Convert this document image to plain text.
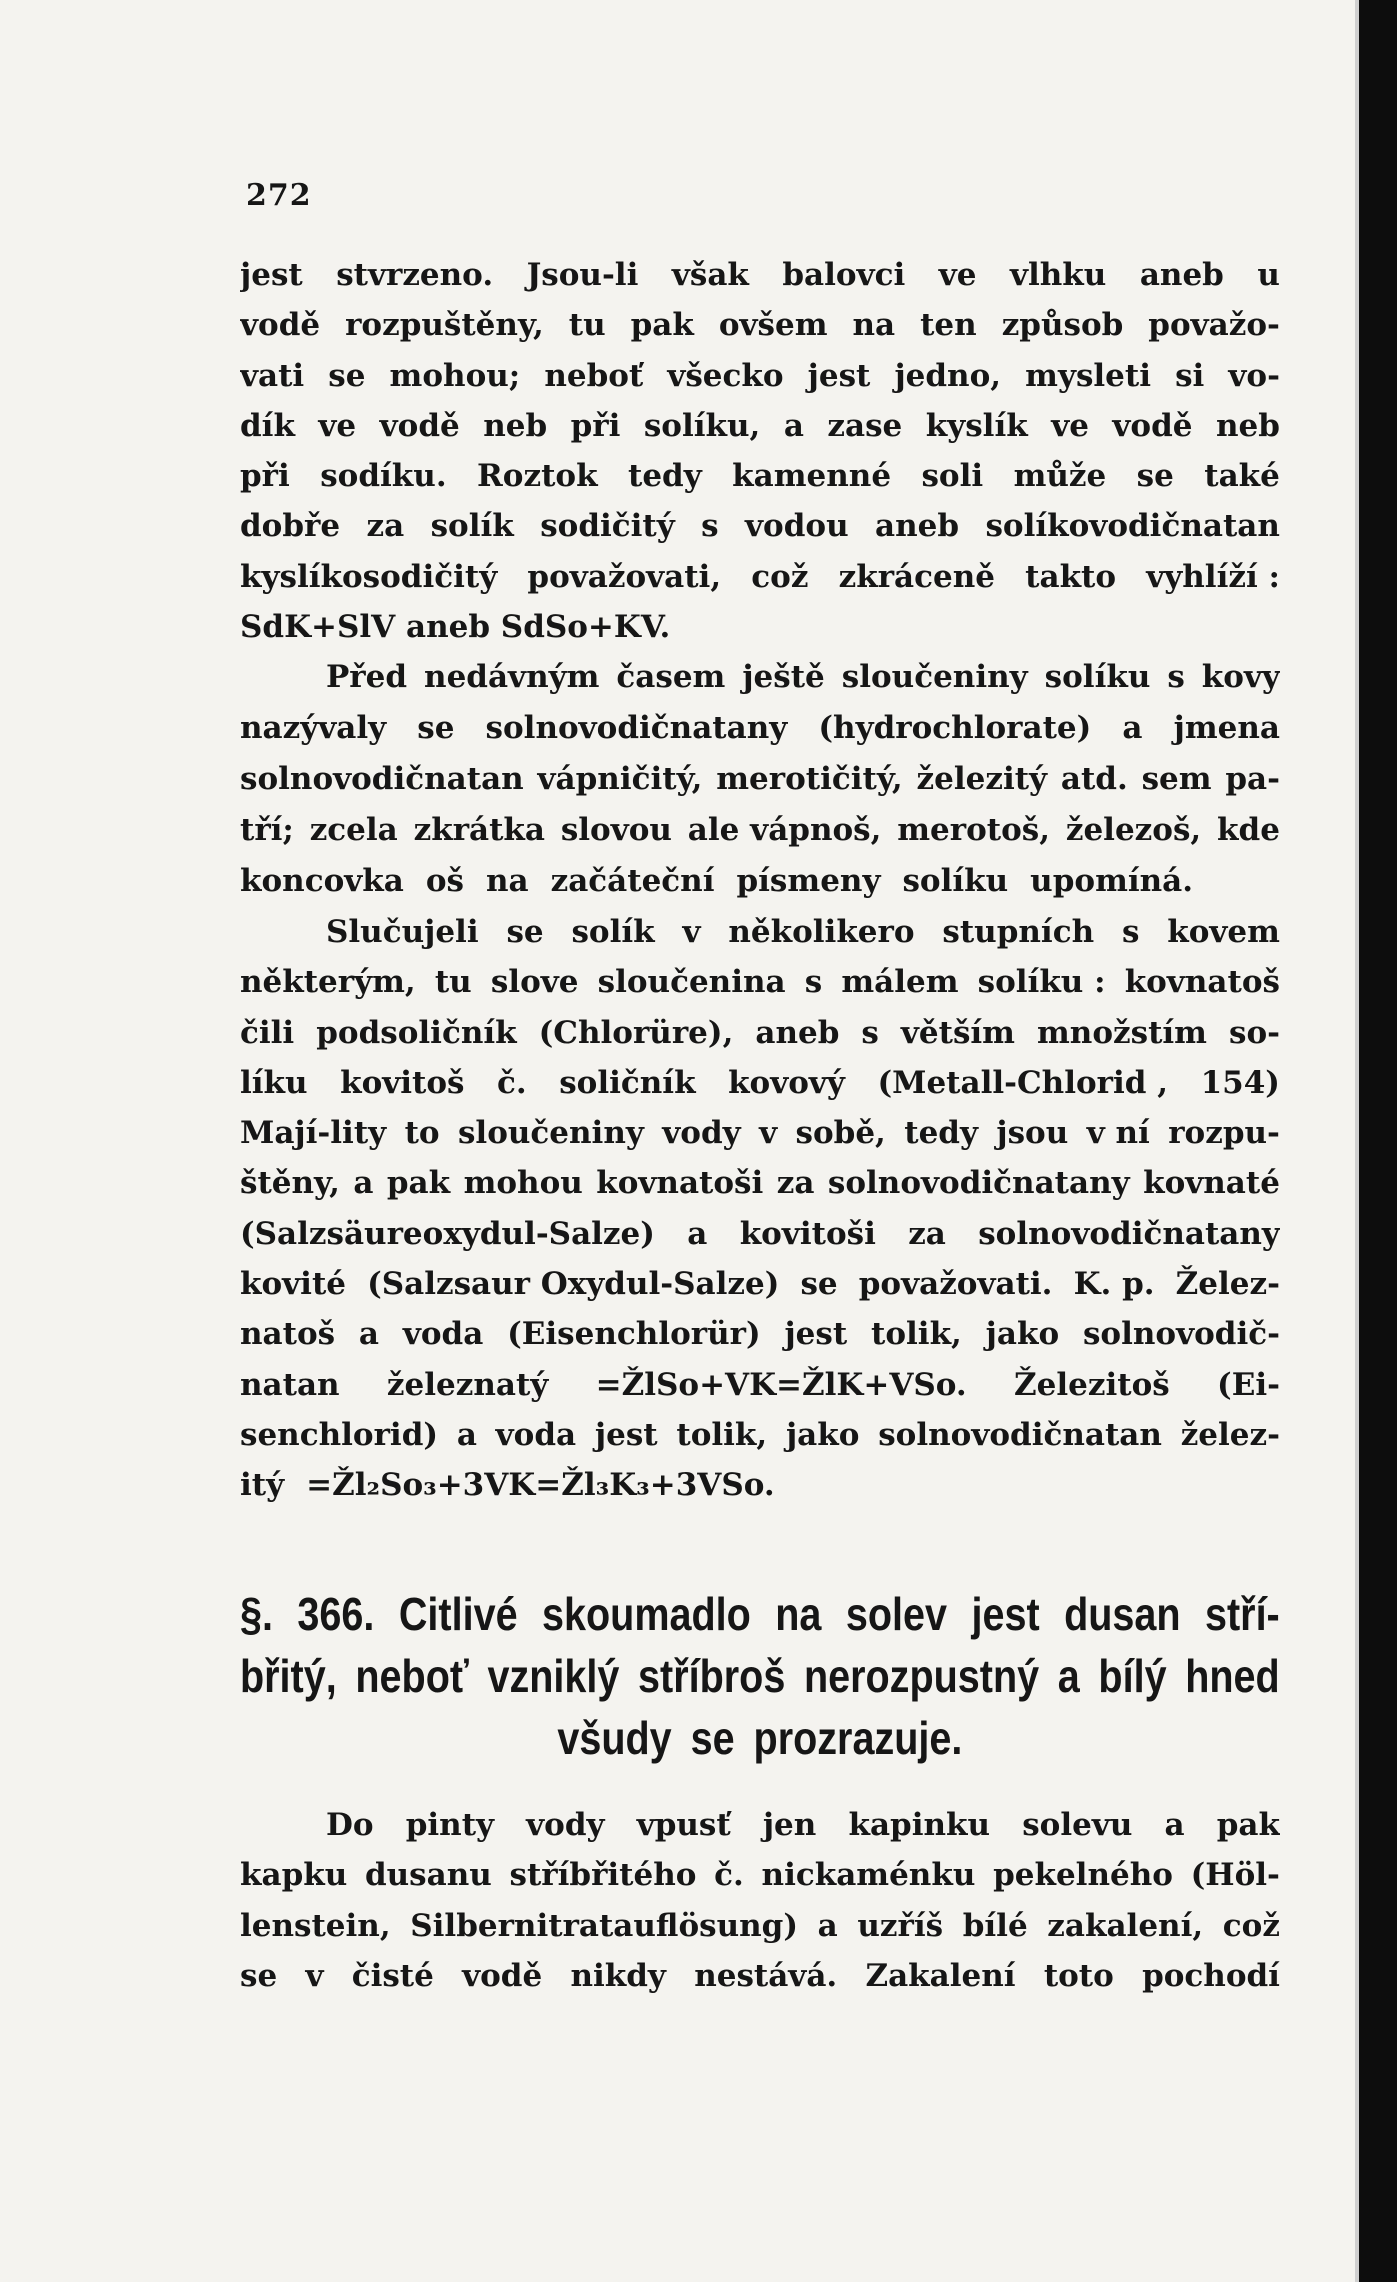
272
jest stvrzeno. Jsou-li však balovci ve vlhku aneb u
vodě rozpuštěny, tu pak ovšem na ten způsob považo-
vati se mohou; neboť všecko jest jedno, mysleti si vo-
dík ve vodě neb při solíku, a zase kyslík ve vodě neb
při sodíku. Roztok tedy kamenné soli může se také
dobře za solík sodičitý s vodou aneb solíkovodičnatan
kyslíkosodičitý považovati, což zkráceně takto vyhlíží :
SdK+SlV aneb SdSo+KV.
Před nedávným časem ještě sloučeniny solíku s kovy
nazývaly se solnovodičnatany (hydrochlorate) a jmena
solnovodičnatan vápničitý, merotičitý, železitý atd. sem pa-
tří; zcela zkrátka slovou ale vápnoš, merotoš, železoš, kde
koncovka oš na začáteční písmeny solíku upomíná.
Slučujeli se solík v několikero stupních s kovem
některým, tu slove sloučenina s málem solíku : kovnatoš
čili podsoličník (Chlorüre), aneb s větším množstím so-
líku kovitoš č. soličník kovový (Metall-Chlorid , 154)
Mají-lity to sloučeniny vody v sobě, tedy jsou v ní rozpu-
štěny, a pak mohou kovnatoši za solnovodičnatany kovnaté
(Salzsäureoxydul-Salze) a kovitoši za solnovodičnatany
kovité (Salzsaur Oxydul-Salze) se považovati. K. p. Želez-
natoš a voda (Eisenchlorür) jest tolik, jako solnovodič-
natan železnatý =ŽlSo+VK=ŽlK+VSo. Železitoš (Ei-
senchlorid) a voda jest tolik, jako solnovodičnatan želez-
itý =Žl₂So₃+3VK=Žl₃K₃+3VSo.
§. 366. Citlivé skoumadlo na solev jest dusan stří-
břitý, neboť vzniklý stříbroš nerozpustný a bílý hned
všudy se prozrazuje.
Do pinty vody vpusť jen kapinku solevu a pak
kapku dusanu stříbřitého č. nickaménku pekelného (Höl-
lenstein, Silbernitratauflösung) a uzříš bílé zakalení, což
se v čisté vodě nikdy nestává. Zakalení toto pochodí
